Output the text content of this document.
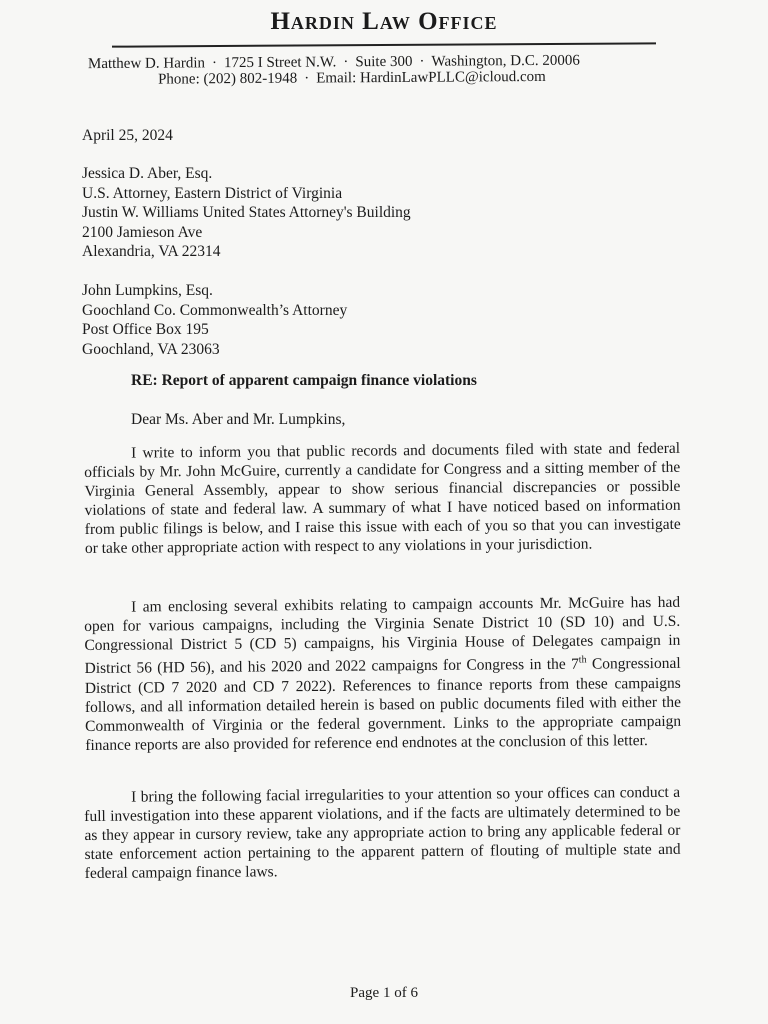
Hardin Law Office
Matthew D. Hardin · 1725 I Street N.W. · Suite 300 · Washington, D.C. 20006
Phone: (202) 802-1948 · Email: HardinLawPLLC@icloud.com
April 25, 2024
Jessica D. Aber, Esq.
U.S. Attorney, Eastern District of Virginia
Justin W. Williams United States Attorney's Building
2100 Jamieson Ave
Alexandria, VA 22314
John Lumpkins, Esq.
Goochland Co. Commonwealth’s Attorney
Post Office Box 195
Goochland, VA 23063
RE: Report of apparent campaign finance violations
Dear Ms. Aber and Mr. Lumpkins,
I write to inform you that public records and documents filed with state and federal officials by Mr. John McGuire, currently a candidate for Congress and a sitting member of the Virginia General Assembly, appear to show serious financial discrepancies or possible violations of state and federal law. A summary of what I have noticed based on information from public filings is below, and I raise this issue with each of you so that you can investigate or take other appropriate action with respect to any violations in your jurisdiction.
I am enclosing several exhibits relating to campaign accounts Mr. McGuire has had open for various campaigns, including the Virginia Senate District 10 (SD 10) and U.S. Congressional District 5 (CD 5) campaigns, his Virginia House of Delegates campaign in District 56 (HD 56), and his 2020 and 2022 campaigns for Congress in the 7th Congressional District (CD 7 2020 and CD 7 2022). References to finance reports from these campaigns follows, and all information detailed herein is based on public documents filed with either the Commonwealth of Virginia or the federal government. Links to the appropriate campaign finance reports are also provided for reference end endnotes at the conclusion of this letter.
I bring the following facial irregularities to your attention so your offices can conduct a full investigation into these apparent violations, and if the facts are ultimately determined to be as they appear in cursory review, take any appropriate action to bring any applicable federal or state enforcement action pertaining to the apparent pattern of flouting of multiple state and federal campaign finance laws.
Page 1 of 6
